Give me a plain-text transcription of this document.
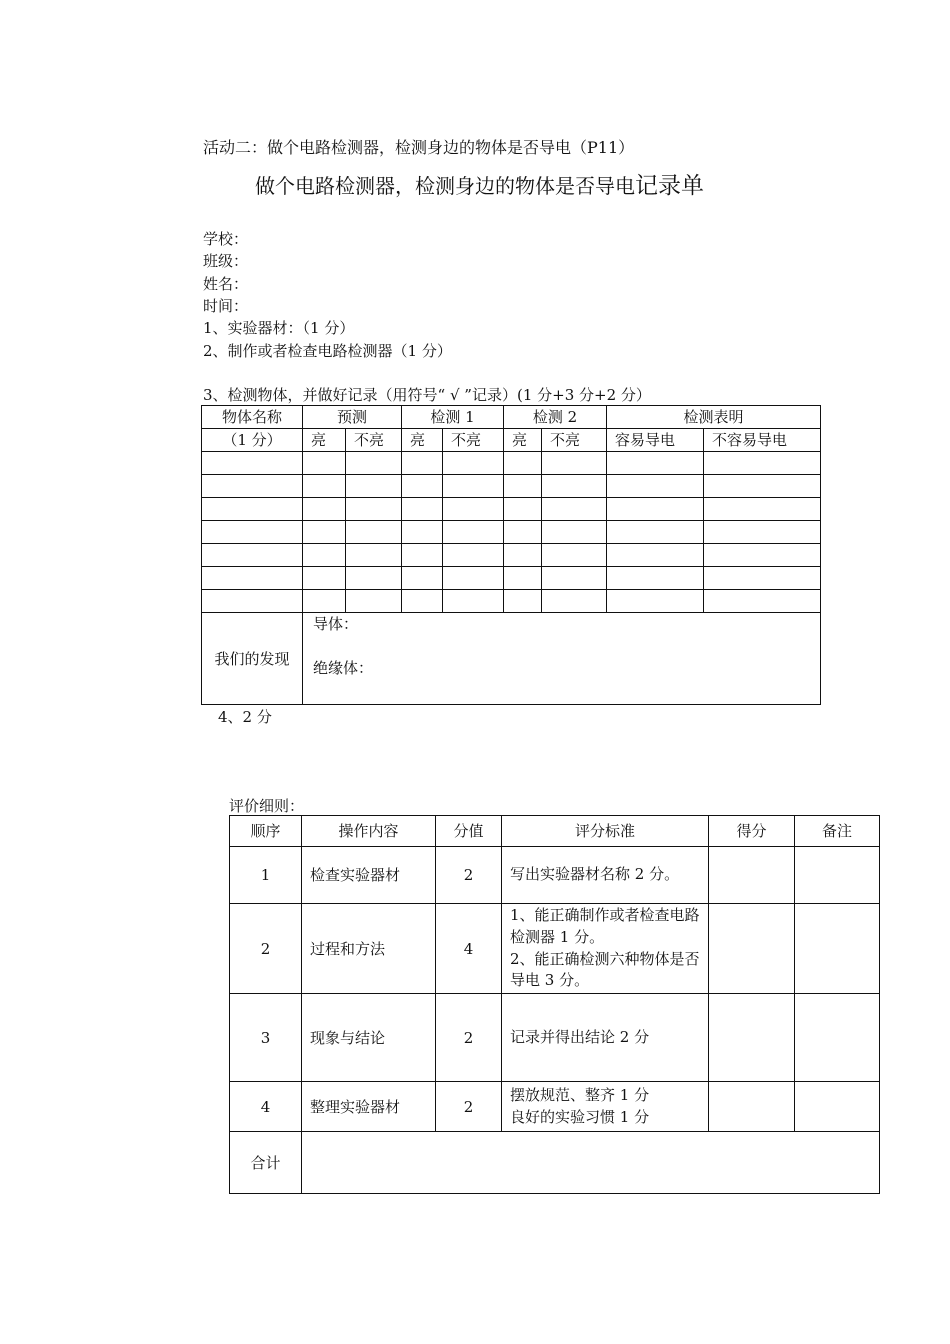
活动二：做个电路检测器，检测身边的物体是否导电（P11）
做个电路检测器，检测身边的物体是否导电记录单
学校：
班级：
姓名：
时间：
1、实验器材：（1 分）
2、制作或者检查电路检测器（1 分）
3、检测物体，并做好记录（用符号“ √ ”记录）(1 分+3 分+2 分）
物体名称	预测		检测 1		检测 2		检测表明	
（1 分）	亮	不亮	亮	不亮	亮	不亮	容易导电	不容易导电

我们的发现	导体：
绝缘体：							
4、2 分
评价细则：
顺序	操作内容	分值	评分标准	得分	备注
1	检查实验器材	2	写出实验器材名称 2 分。		

2	过程和方法	4	1、能正确制作或者检查电路检测器 1 分。
2、能正确检测六种物体是否导电 3 分。		

3	现象与结论	2	记录并得出结论 2 分		

4	整理实验器材	2	摆放规范、整齐 1 分
良好的实验习惯 1 分		

合计					
